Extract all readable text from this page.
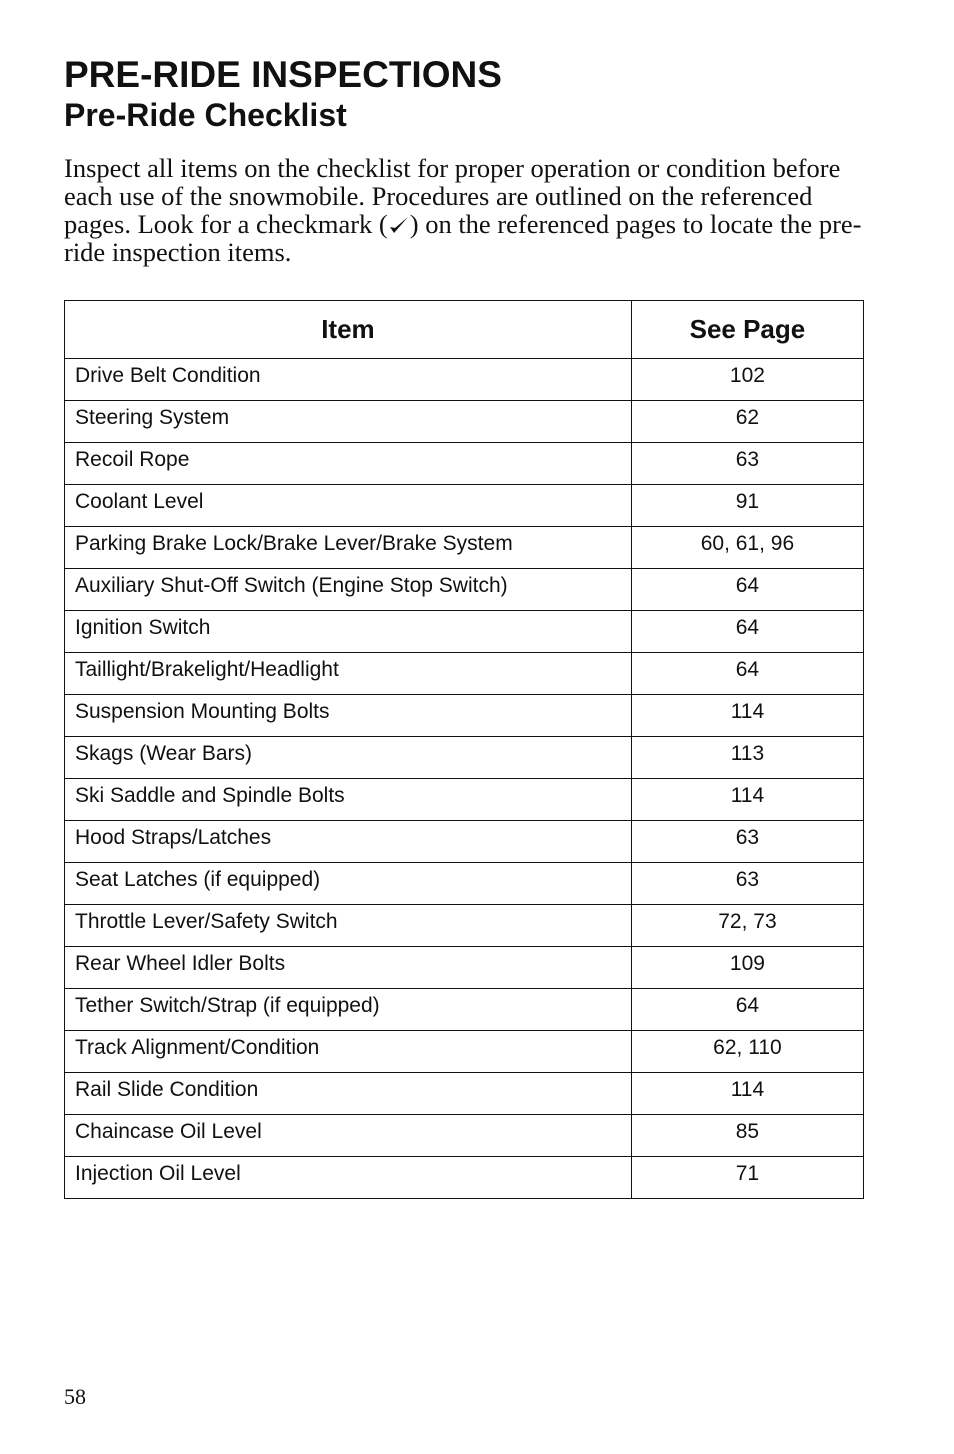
PRE-RIDE INSPECTIONS
Pre-Ride Checklist

Inspect all items on the checklist for proper operation or condition before each use of the snowmobile. Procedures are outlined on the referenced pages. Look for a checkmark ( ) on the referenced pages to locate the pre-ride inspection items.

Item	See Page
Drive Belt Condition	102
Steering System	62
Recoil Rope	63
Coolant Level	91
Parking Brake Lock/Brake Lever/Brake System	60, 61, 96
Auxiliary Shut-Off Switch (Engine Stop Switch)	64
Ignition Switch	64
Taillight/Brakelight/Headlight	64
Suspension Mounting Bolts	114
Skags (Wear Bars)	113
Ski Saddle and Spindle Bolts	114
Hood Straps/Latches	63
Seat Latches (if equipped)	63
Throttle Lever/Safety Switch	72, 73
Rear Wheel Idler Bolts	109
Tether Switch/Strap (if equipped)	64
Track Alignment/Condition	62, 110
Rail Slide Condition	114
Chaincase Oil Level	85
Injection Oil Level	71
58
